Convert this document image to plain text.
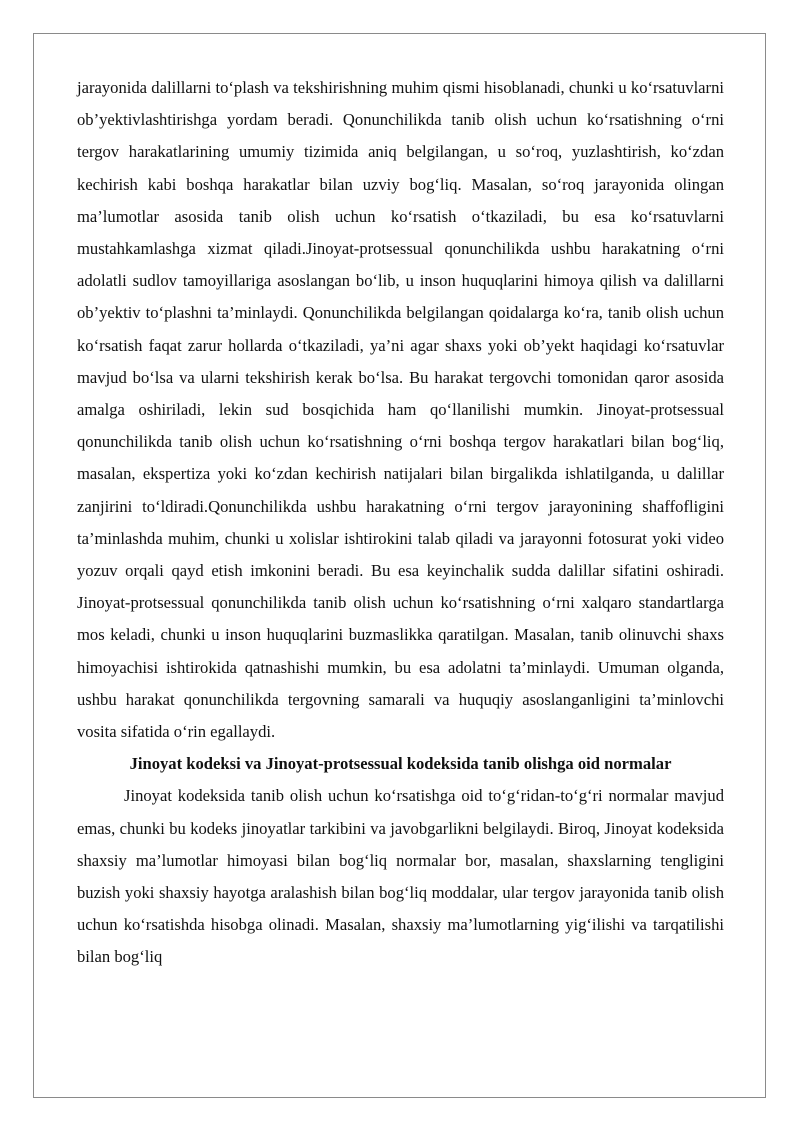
jarayonida dalillarni to‘plash va tekshirishning muhim qismi hisoblanadi, chunki u ko‘rsatuvlarni ob’yektivlashtirishga yordam beradi. Qonunchilikda tanib olish uchun ko‘rsatishning o‘rni tergov harakatlarining umumiy tizimida aniq belgilangan, u so‘roq, yuzlashtirish, ko‘zdan kechirish kabi boshqa harakatlar bilan uzviy bog‘liq. Masalan, so‘roq jarayonida olingan ma’lumotlar asosida tanib olish uchun ko‘rsatish o‘tkaziladi, bu esa ko‘rsatuvlarni mustahkamlashga xizmat qiladi.Jinoyat-protsessual qonunchilikda ushbu harakatning o‘rni adolatli sudlov tamoyillariga asoslangan bo‘lib, u inson huquqlarini himoya qilish va dalillarni ob’yektiv to‘plashni ta’minlaydi. Qonunchilikda belgilangan qoidalarga ko‘ra, tanib olish uchun ko‘rsatish faqat zarur hollarda o‘tkaziladi, ya’ni agar shaxs yoki ob’yekt haqidagi ko‘rsatuvlar mavjud bo‘lsa va ularni tekshirish kerak bo‘lsa. Bu harakat tergovchi tomonidan qaror asosida amalga oshiriladi, lekin sud bosqichida ham qo‘llanilishi mumkin. Jinoyat-protsessual qonunchilikda tanib olish uchun ko‘rsatishning o‘rni boshqa tergov harakatlari bilan bog‘liq, masalan, ekspertiza yoki ko‘zdan kechirish natijalari bilan birgalikda ishlatilganda, u dalillar zanjirini to‘ldiradi.Qonunchilikda ushbu harakatning o‘rni tergov jarayonining shaffofligini ta’minlashda muhim, chunki u xolislar ishtirokini talab qiladi va jarayonni fotosurat yoki video yozuv orqali qayd etish imkonini beradi. Bu esa keyinchalik sudda dalillar sifatini oshiradi. Jinoyat-protsessual qonunchilikda tanib olish uchun ko‘rsatishning o‘rni xalqaro standartlarga mos keladi, chunki u inson huquqlarini buzmaslikka qaratilgan. Masalan, tanib olinuvchi shaxs himoyachisi ishtirokida qatnashishi mumkin, bu esa adolatni ta’minlaydi. Umuman olganda, ushbu harakat qonunchilikda tergovning samarali va huquqiy asoslanganligini ta’minlovchi vosita sifatida o‘rin egallaydi.

Jinoyat kodeksi va Jinoyat-protsessual kodeksida tanib olishga oid normalar

Jinoyat kodeksida tanib olish uchun ko‘rsatishga oid to‘g‘ridan-to‘g‘ri normalar mavjud emas, chunki bu kodeks jinoyatlar tarkibini va javobgarlikni belgilaydi. Biroq, Jinoyat kodeksida shaxsiy ma’lumotlar himoyasi bilan bog‘liq normalar bor, masalan, shaxslarning tengligini buzish yoki shaxsiy hayotga aralashish bilan bog‘liq moddalar, ular tergov jarayonida tanib olish uchun ko‘rsatishda hisobga olinadi. Masalan, shaxsiy ma’lumotlarning yig‘ilishi va tarqatilishi bilan bog‘liq
